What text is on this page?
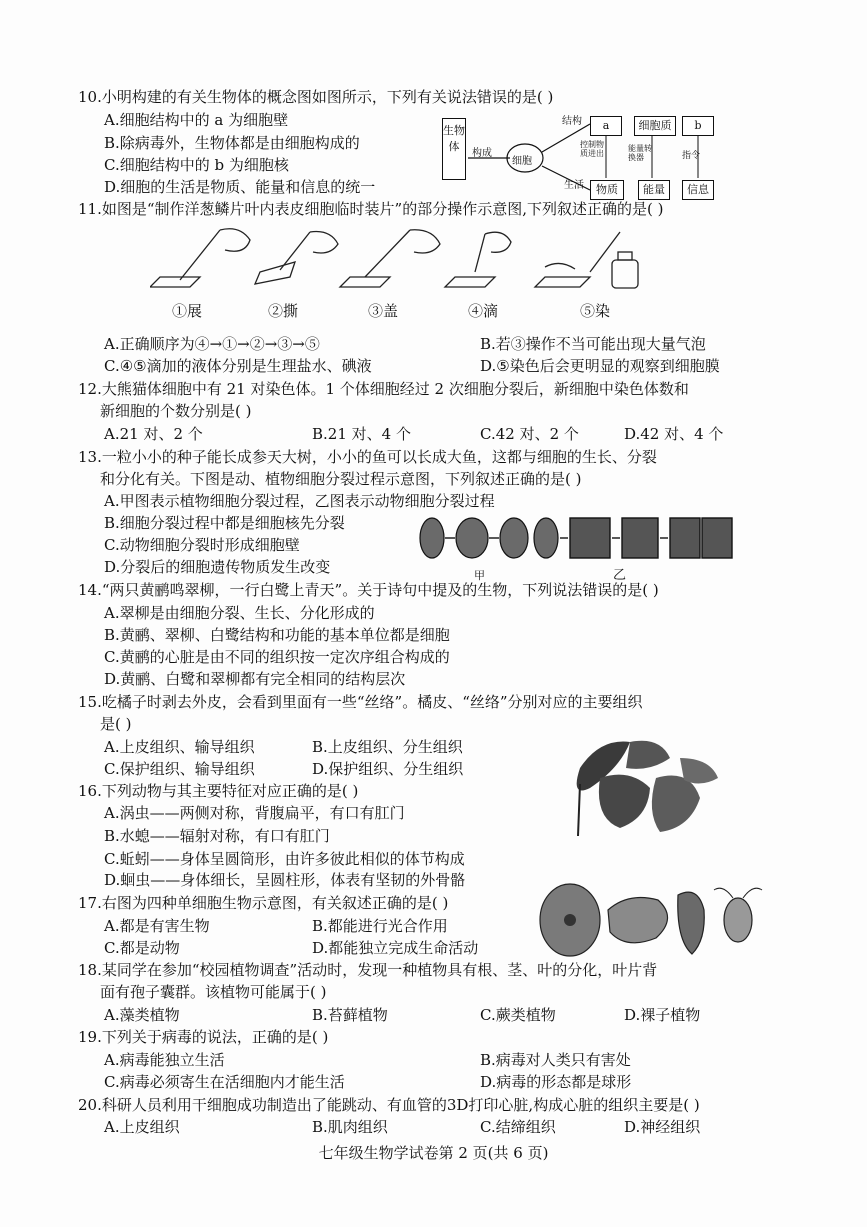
10.小明构建的有关生物体的概念图如图所示，下列有关说法错误的是( )
A.细胞结构中的 a 为细胞壁
B.除病毒外，生物体都是由细胞构成的
C.细胞结构中的 b 为细胞核
D.细胞的生活是物质、能量和信息的统一
生物体
构成
细胞
结构
生活
a	细胞质	b
控制物质进出
能量转换器	指令
物质	能量	信息
11.如图是“制作洋葱鳞片叶内表皮细胞临时装片”的部分操作示意图,下列叙述正确的是( )
①展	②撕	③盖	④滴	⑤染
A.正确顺序为④→①→②→③→⑤	B.若③操作不当可能出现大量气泡
C.④⑤滴加的液体分别是生理盐水、碘液	D.⑤染色后会更明显的观察到细胞膜
12.大熊猫体细胞中有 21 对染色体。1 个体细胞经过 2 次细胞分裂后，新细胞中染色体数和
新细胞的个数分别是( )
A.21 对、2 个	B.21 对、4 个	C.42 对、2 个	D.42 对、4 个
13.一粒小小的种子能长成参天大树，小小的鱼可以长成大鱼，这都与细胞的生长、分裂
和分化有关。下图是动、植物细胞分裂过程示意图，下列叙述正确的是( )
A.甲图表示植物细胞分裂过程，乙图表示动物细胞分裂过程
B.细胞分裂过程中都是细胞核先分裂
C.动物细胞分裂时形成细胞壁
D.分裂后的细胞遗传物质发生改变	甲	乙
14.“两只黄鹂鸣翠柳，一行白鹭上青天”。关于诗句中提及的生物，下列说法错误的是( )
A.翠柳是由细胞分裂、生长、分化形成的
B.黄鹂、翠柳、白鹭结构和功能的基本单位都是细胞
C.黄鹂的心脏是由不同的组织按一定次序组合构成的
D.黄鹂、白鹭和翠柳都有完全相同的结构层次
15.吃橘子时剥去外皮，会看到里面有一些“丝络”。橘皮、“丝络”分别对应的主要组织
是( )
A.上皮组织、输导组织	B.上皮组织、分生组织
C.保护组织、输导组织	D.保护组织、分生组织
16.下列动物与其主要特征对应正确的是( )
A.涡虫——两侧对称，背腹扁平，有口有肛门
B.水螅——辐射对称，有口有肛门
C.蚯蚓——身体呈圆筒形，由许多彼此相似的体节构成
D.蛔虫——身体细长，呈圆柱形，体表有坚韧的外骨骼
17.右图为四种单细胞生物示意图，有关叙述正确的是( )
A.都是有害生物	B.都能进行光合作用
C.都是动物	D.都能独立完成生命活动
18.某同学在参加“校园植物调查”活动时，发现一种植物具有根、茎、叶的分化，叶片背
面有孢子囊群。该植物可能属于( )
A.藻类植物	B.苔藓植物	C.蕨类植物	D.裸子植物
19.下列关于病毒的说法，正确的是( )
A.病毒能独立生活	B.病毒对人类只有害处
C.病毒必须寄生在活细胞内才能生活	D.病毒的形态都是球形
20.科研人员利用干细胞成功制造出了能跳动、有血管的3D打印心脏,构成心脏的组织主要是( )
A.上皮组织	B.肌肉组织	C.结缔组织	D.神经组织
七年级生物学试卷第 2 页(共 6 页)
